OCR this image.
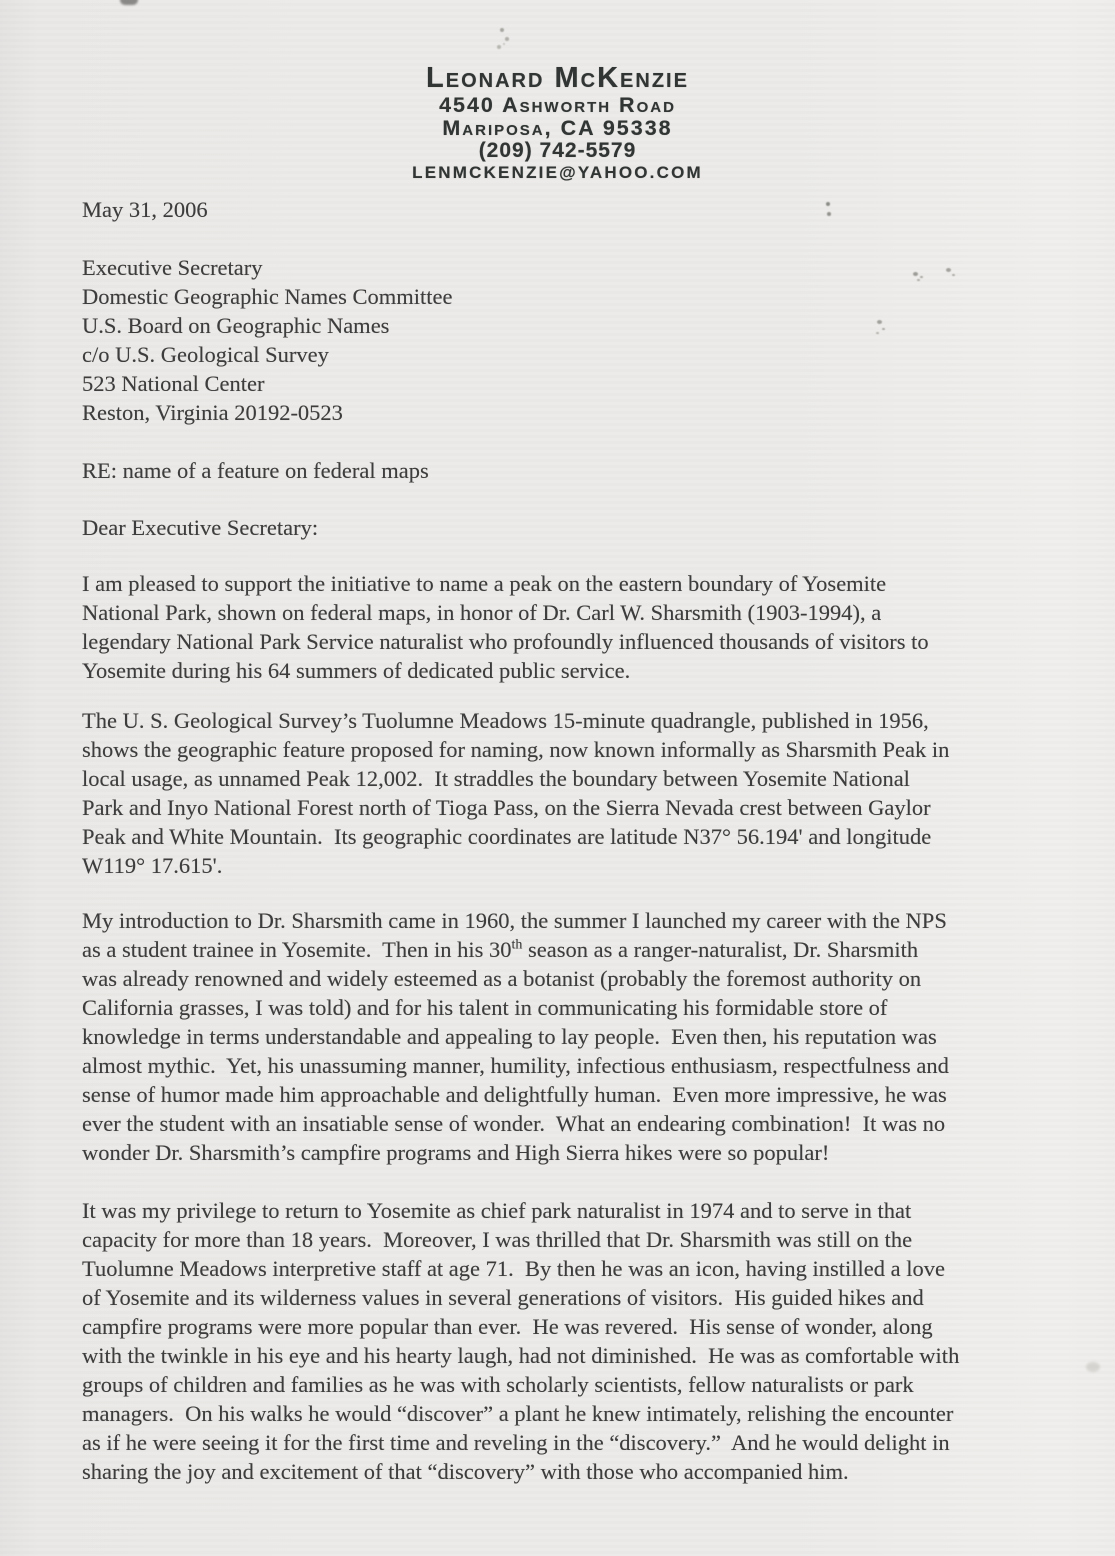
Leonard McKenzie
4540 Ashworth Road
Mariposa, CA 95338
(209) 742-5579
LENMCKENZIE@YAHOO.COM
May 31, 2006
Executive Secretary
Domestic Geographic Names Committee
U.S. Board on Geographic Names
c/o U.S. Geological Survey
523 National Center
Reston, Virginia 20192-0523
RE: name of a feature on federal maps
Dear Executive Secretary:

I am pleased to support the initiative to name a peak on the eastern boundary of Yosemite
National Park, shown on federal maps, in honor of Dr. Carl W. Sharsmith (1903-1994), a
legendary National Park Service naturalist who profoundly influenced thousands of visitors to
Yosemite during his 64 summers of dedicated public service.

The U. S. Geological Survey’s Tuolumne Meadows 15-minute quadrangle, published in 1956,
shows the geographic feature proposed for naming, now known informally as Sharsmith Peak in
local usage, as unnamed Peak 12,002.  It straddles the boundary between Yosemite National
Park and Inyo National Forest north of Tioga Pass, on the Sierra Nevada crest between Gaylor
Peak and White Mountain.  Its geographic coordinates are latitude N37° 56.194' and longitude
W119° 17.615'.

My introduction to Dr. Sharsmith came in 1960, the summer I launched my career with the NPS
as a student trainee in Yosemite.  Then in his 30th season as a ranger-naturalist, Dr. Sharsmith
was already renowned and widely esteemed as a botanist (probably the foremost authority on
California grasses, I was told) and for his talent in communicating his formidable store of
knowledge in terms understandable and appealing to lay people.  Even then, his reputation was
almost mythic.  Yet, his unassuming manner, humility, infectious enthusiasm, respectfulness and
sense of humor made him approachable and delightfully human.  Even more impressive, he was
ever the student with an insatiable sense of wonder.  What an endearing combination!  It was no
wonder Dr. Sharsmith’s campfire programs and High Sierra hikes were so popular!

It was my privilege to return to Yosemite as chief park naturalist in 1974 and to serve in that
capacity for more than 18 years.  Moreover, I was thrilled that Dr. Sharsmith was still on the
Tuolumne Meadows interpretive staff at age 71.  By then he was an icon, having instilled a love
of Yosemite and its wilderness values in several generations of visitors.  His guided hikes and
campfire programs were more popular than ever.  He was revered.  His sense of wonder, along
with the twinkle in his eye and his hearty laugh, had not diminished.  He was as comfortable with
groups of children and families as he was with scholarly scientists, fellow naturalists or park
managers.  On his walks he would “discover” a plant he knew intimately, relishing the encounter
as if he were seeing it for the first time and reveling in the “discovery.”  And he would delight in
sharing the joy and excitement of that “discovery” with those who accompanied him.
